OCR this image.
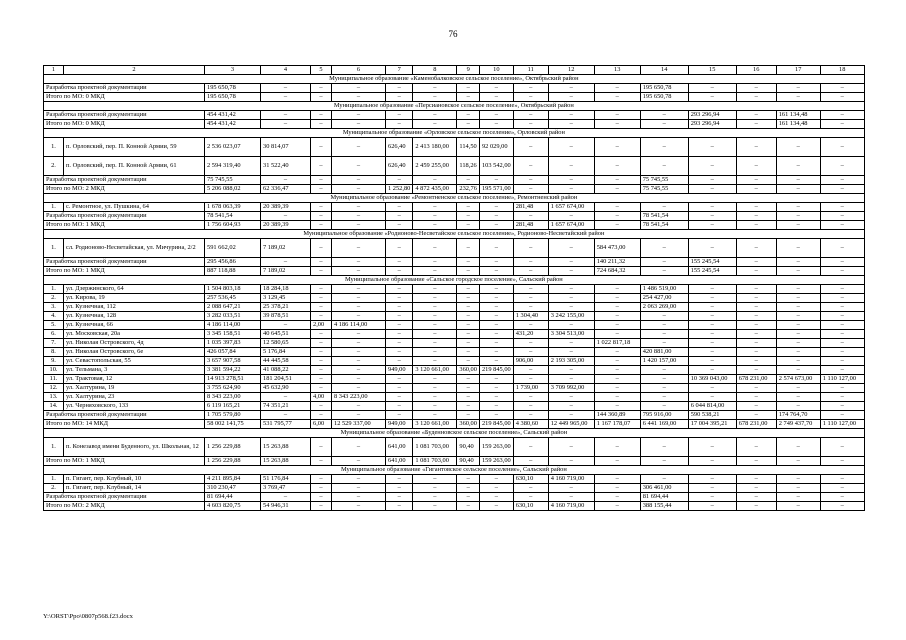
76
1	2	3	4	5	6	7	8	9	10	11	12	13	14	15	16	17	18
Муниципальное образование «Каменобалковское сельское поселение», Октябрьский район																	
Разработка проектной документации		195 650,78	–	–	–	–	–	–	–	–	–	–	195 650,78	–	–	–	–
Итого по МО: 0 МКД		195 650,78	–	–	–	–	–	–	–	–	–	–	195 650,78	–	–	–	–
Муниципальное образование «Персиановское сельское поселение», Октябрьский район																	
Разработка проектной документации		454 431,42	–	–	–	–	–	–	–	–	–	–	–	293 296,94	–	161 134,48	–
Итого по МО: 0 МКД		454 431,42	–	–	–	–	–	–	–	–	–	–	–	293 296,94	–	161 134,48	–
Муниципальное образование «Орловское сельское поселение», Орловский район																	
1.	п. Орловский, пер. П. Конной Армии, 59	2 536 023,07	30 814,07	–	–	626,40	2 413 180,00	114,50	92 029,00	–	–	–	–	–	–	–	–
2.	п. Орловский, пер. П. Конной Армии, 61	2 594 319,40	31 522,40	–	–	626,40	2 459 255,00	118,26	103 542,00	–	–	–	–	–	–	–	–
Разработка проектной документации		75 745,55	–	–	–	–	–	–	–	–	–	–	75 745,55	–	–	–	–
Итого по МО: 2 МКД		5 206 088,02	62 336,47	–	–	1 252,80	4 872 435,00	232,76	195 571,00	–	–	–	75 745,55	–	–	–	–
Муниципальное образование «Ремонтненское сельское поселение», Ремонтненский район																	
1.	с. Ремонтное, ул. Пушкина, 64	1 678 063,39	20 389,39	–	–	–	–	–	–	281,48	1 657 674,00	–	–	–	–	–	–
Разработка проектной документации		78 541,54	–	–	–	–	–	–	–	–	–	–	78 541,54	–	–	–	–
Итого по МО: 1 МКД		1 756 604,93	20 389,39	–	–	–	–	–	–	281,48	1 657 674,00	–	78 541,54	–	–	–	–
Муниципальное образование «Родионово-Несветайское сельское поселение», Родионово-Несветайский район																	
1.	сл. Родионово-Несветайская, ул. Мичурина, 2/2	591 662,02	7 189,02	–	–	–	–	–	–	–	–	584 473,00	–	–	–	–	–
Разработка проектной документации		295 456,86	–	–	–	–	–	–	–	–	–	140 211,32	–	155 245,54	–	–	–
Итого по МО: 1 МКД		887 118,88	7 189,02	–	–	–	–	–	–	–	–	724 684,32	–	155 245,54	–	–	–
Муниципальное образование «Сальское городское поселение», Сальский район																	
1.	ул. Дзержинского, 64	1 504 803,18	18 284,18	–	–	–	–	–	–	–	–	–	1 486 519,00	–	–	–	–
2.	ул. Кирова, 19	257 536,45	3 129,45	–	–	–	–	–	–	–	–	–	254 427,00	–	–	–	–
3.	ул. Кузнечная, 112	2 088 647,21	25 378,21	–	–	–	–	–	–	–	–	–	2 063 269,00	–	–	–	–
4.	ул. Кузнечная, 128	3 282 033,51	39 878,51	–	–	–	–	–	–	1 304,40	3 242 155,00	–	–	–	–	–	–
5.	ул. Кузнечная, 66	4 186 114,00	–	2,00	4 186 114,00	–	–	–	–	–	–	–	–	–	–	–	–
6.	ул. Московская, 20а	3 345 158,51	40 645,51	–	–	–	–	–	–	431,20	3 304 513,00	–	–	–	–	–	–
7.	ул. Николая Островского, 4д	1 035 397,83	12 580,65	–	–	–	–	–	–	–	–	1 022 817,18	–	–	–	–	–
8.	ул. Николая Островского, 6е	426 057,84	5 176,84	–	–	–	–	–	–	–	–	–	420 881,00	–	–	–	–
9.	ул. Севастопольская, 55	3 657 907,58	44 445,58	–	–	–	–	–	–	906,00	2 193 305,00	–	1 420 157,00	–	–	–	–
10.	ул. Тельмана, 3	3 381 594,22	41 088,22	–	–	949,00	3 120 661,00	360,00	219 845,00	–	–	–	–	–	–	–	–
11.	ул. Трактовая, 12	14 913 278,51	181 204,51	–	–	–	–	–	–	–	–	–	–	10 369 043,00	678 231,00	2 574 673,00	1 110 127,00
12.	ул. Халтурина, 19	3 755 624,90	45 632,90	–	–	–	–	–	–	1 739,00	3 709 992,00	–	–	–	–	–	–
13.	ул. Халтурина, 23	8 343 223,00	–	4,00	8 343 223,00	–	–	–	–	–	–	–	–	–	–	–	–
14.	ул. Черняховского, 133	6 119 165,21	74 351,21	–	–	–	–	–	–	–	–	–	–	6 044 814,00	–	–	–
Разработка проектной документации		1 705 579,80	–	–	–	–	–	–	–	–	–	144 360,89	795 916,00	590 538,21	–	174 764,70	–
Итого по МО: 14 МКД		58 002 141,75	531 795,77	6,00	12 529 337,00	949,00	3 120 661,00	360,00	219 845,00	4 380,60	12 449 965,00	1 167 178,07	6 441 169,00	17 004 395,21	678 231,00	2 749 437,70	1 110 127,00
Муниципальное образование «Буденновское сельское поселение», Сальский район																	
1.	п. Конезавод имени Буденного, ул. Школьная, 12	1 256 229,88	15 263,88	–	–	641,00	1 081 703,00	90,40	159 263,00	–	–	–	–	–	–	–	–
Итого по МО: 1 МКД		1 256 229,88	15 263,88	–	–	641,00	1 081 703,00	90,40	159 263,00	–	–	–	–	–	–	–	–
Муниципальное образование «Гигантовское сельское поселение», Сальский район																	
1.	п. Гигант, пер. Клубный, 10	4 211 895,84	51 176,84	–	–	–	–	–	–	630,10	4 160 719,00	–	–	–	–	–	–
2.	п. Гигант, пер. Клубный, 14	310 230,47	3 769,47	–	–	–	–	–	–	–	–	–	306 461,00	–	–	–	–
Разработка проектной документации		81 694,44	–	–	–	–	–	–	–	–	–	–	81 694,44	–	–	–	–
Итого по МО: 2 МКД		4 603 820,75	54 946,31	–	–	–	–	–	–	630,10	4 160 719,00	–	388 155,44	–	–	–	–
Y:\ORST\Ppo\0807p568.f23.docx
